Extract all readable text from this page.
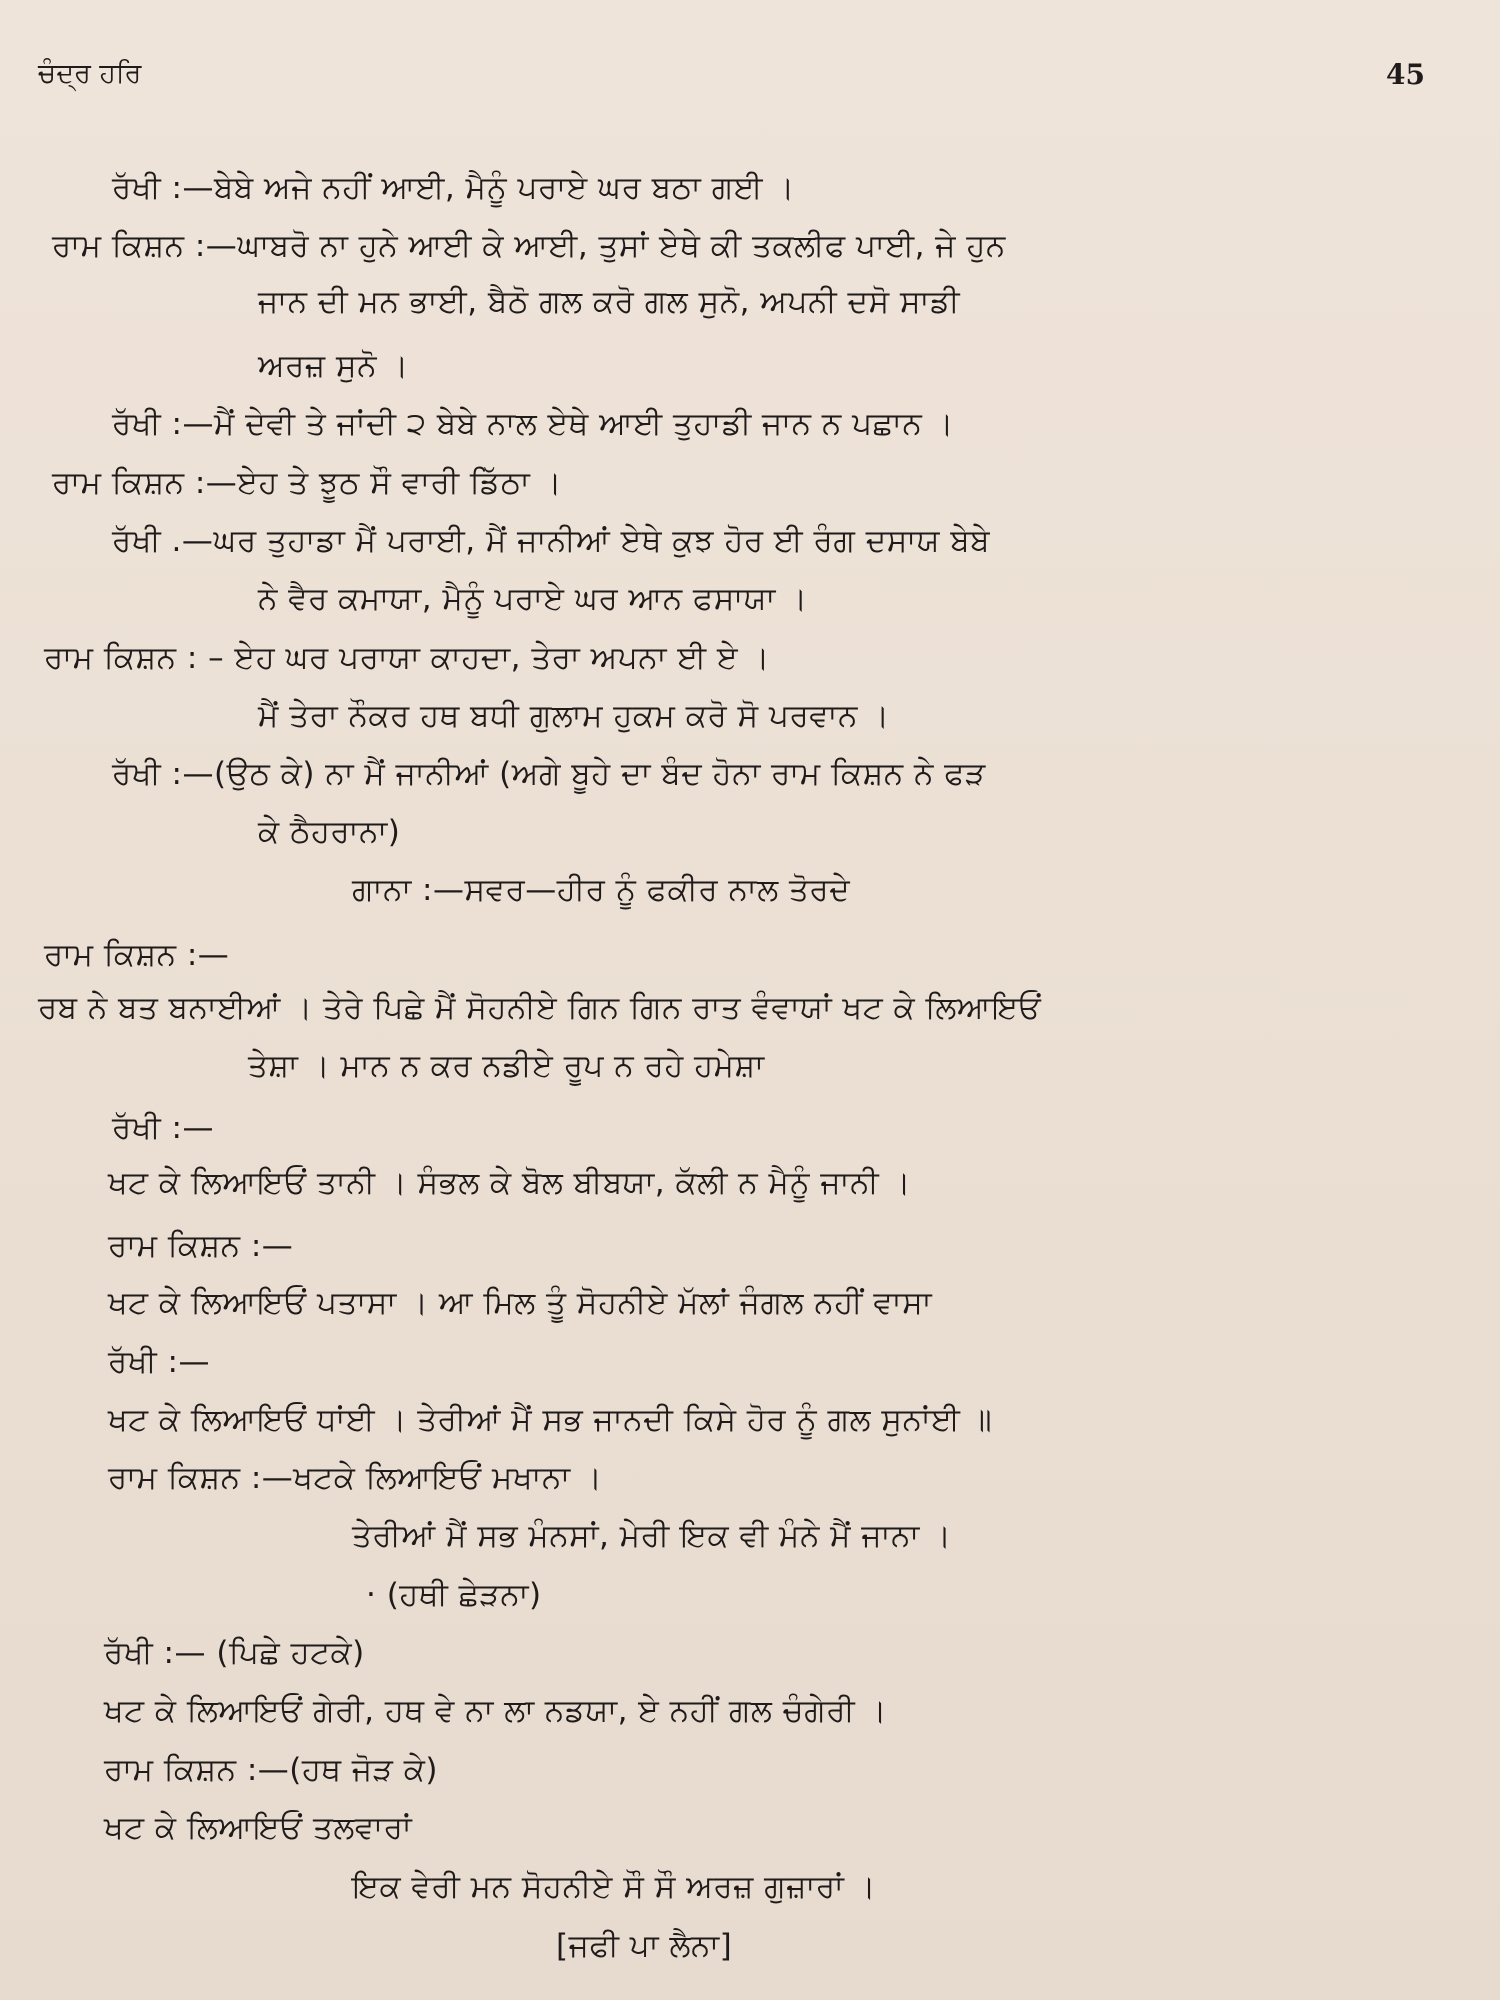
ਚੰਦ੍ਰ ਹਰਿ	45
ਰੱਖੀ :—ਬੇਬੇ ਅਜੇ ਨਹੀਂ ਆਈ, ਮੈਨੂੰ ਪਰਾਏ ਘਰ ਬਠਾ ਗਈ ।
ਰਾਮ ਕਿਸ਼ਨ :—ਘਾਬਰੋ ਨਾ ਹੁਨੇ ਆਈ ਕੇ ਆਈ, ਤੁਸਾਂ ਏਥੇ ਕੀ ਤਕਲੀਫ ਪਾਈ, ਜੇ ਹੁਨ
ਜਾਨ ਦੀ ਮਨ ਭਾਈ, ਬੈਠੋ ਗਲ ਕਰੋ ਗਲ ਸੁਨੋ, ਅਪਨੀ ਦਸੋ ਸਾਡੀ
ਅਰਜ਼ ਸੁਨੋ ।
ਰੱਖੀ :—ਮੈਂ ਦੇਵੀ ਤੇ ਜਾਂਦੀ ੨ ਬੇਬੇ ਨਾਲ ਏਥੇ ਆਈ ਤੁਹਾਡੀ ਜਾਨ ਨ ਪਛਾਨ ।
ਰਾਮ ਕਿਸ਼ਨ :—ਏਹ ਤੇ ਝੂਠ ਸੌ ਵਾਰੀ ਡਿੱਠਾ ।
ਰੱਖੀ .—ਘਰ ਤੁਹਾਡਾ ਮੈਂ ਪਰਾਈ, ਮੈਂ ਜਾਨੀਆਂ ਏਥੇ ਕੁਝ ਹੋਰ ਈ ਰੰਗ ਦਸਾਯ ਬੇਬੇ
ਨੇ ਵੈਰ ਕਮਾਯਾ, ਮੈਨੂੰ ਪਰਾਏ ਘਰ ਆਨ ਫਸਾਯਾ ।
ਰਾਮ ਕਿਸ਼ਨ : – ਏਹ ਘਰ ਪਰਾਯਾ ਕਾਹਦਾ, ਤੇਰਾ ਅਪਨਾ ਈ ਏ ।
ਮੈਂ ਤੇਰਾ ਨੌਕਰ ਹਥ ਬਧੀ ਗੁਲਾਮ ਹੁਕਮ ਕਰੋ ਸੋ ਪਰਵਾਨ ।
ਰੱਖੀ :—(ਉਠ ਕੇ) ਨਾ ਮੈਂ ਜਾਨੀਆਂ (ਅਗੇ ਬੂਹੇ ਦਾ ਬੰਦ ਹੋਨਾ ਰਾਮ ਕਿਸ਼ਨ ਨੇ ਫੜ
ਕੇ ਠੈਹਰਾਨਾ)
ਗਾਨਾ :—ਸਵਰ—ਹੀਰ ਨੂੰ ਫਕੀਰ ਨਾਲ ਤੋਰਦੇ
ਰਾਮ ਕਿਸ਼ਨ :—
ਰਬ ਨੇ ਬਤ ਬਨਾਈਆਂ । ਤੇਰੇ ਪਿਛੇ ਮੈਂ ਸੋਹਨੀਏ ਗਿਨ ਗਿਨ ਰਾਤ ਵੰਵਾਯਾਂ ਖਟ ਕੇ ਲਿਆਇਓਂ
ਤੇਸ਼ਾ । ਮਾਨ ਨ ਕਰ ਨਡੀਏ ਰੂਪ ਨ ਰਹੇ ਹਮੇਸ਼ਾ
ਰੱਖੀ :—
ਖਟ ਕੇ ਲਿਆਇਓਂ ਤਾਨੀ । ਸੰਭਲ ਕੇ ਬੋਲ ਬੀਬਯਾ, ਕੱਲੀ ਨ ਮੈਨੂੰ ਜਾਨੀ ।
ਰਾਮ ਕਿਸ਼ਨ :—
ਖਟ ਕੇ ਲਿਆਇਓਂ ਪਤਾਸਾ । ਆ ਮਿਲ ਤੂੰ ਸੋਹਨੀਏ ਮੱਲਾਂ ਜੰਗਲ ਨਹੀਂ ਵਾਸਾ
ਰੱਖੀ :—
ਖਟ ਕੇ ਲਿਆਇਓਂ ਧਾਂਈ । ਤੇਰੀਆਂ ਮੈਂ ਸਭ ਜਾਨਦੀ ਕਿਸੇ ਹੋਰ ਨੂੰ ਗਲ ਸੁਨਾਂਈ ॥
ਰਾਮ ਕਿਸ਼ਨ :—ਖਟਕੇ ਲਿਆਇਓਂ ਮਖਾਨਾ ।
ਤੇਰੀਆਂ ਮੈਂ ਸਭ ਮੰਨਸਾਂ, ਮੇਰੀ ਇਕ ਵੀ ਮੰਨੇ ਮੈਂ ਜਾਨਾ ।
· (ਹਥੀ ਛੇੜਨਾ)
ਰੱਖੀ :— (ਪਿਛੇ ਹਟਕੇ)
ਖਟ ਕੇ ਲਿਆਇਓਂ ਗੇਰੀ, ਹਥ ਵੇ ਨਾ ਲਾ ਨਡਯਾ, ਏ ਨਹੀਂ ਗਲ ਚੰਗੇਰੀ ।
ਰਾਮ ਕਿਸ਼ਨ :—(ਹਥ ਜੋੜ ਕੇ)
ਖਟ ਕੇ ਲਿਆਇਓਂ ਤਲਵਾਰਾਂ
ਇਕ ਵੇਰੀ ਮਨ ਸੋਹਨੀਏ ਸੌ ਸੌ ਅਰਜ਼ ਗੁਜ਼ਾਰਾਂ ।
[ਜਫੀ ਪਾ ਲੈਨਾ]
